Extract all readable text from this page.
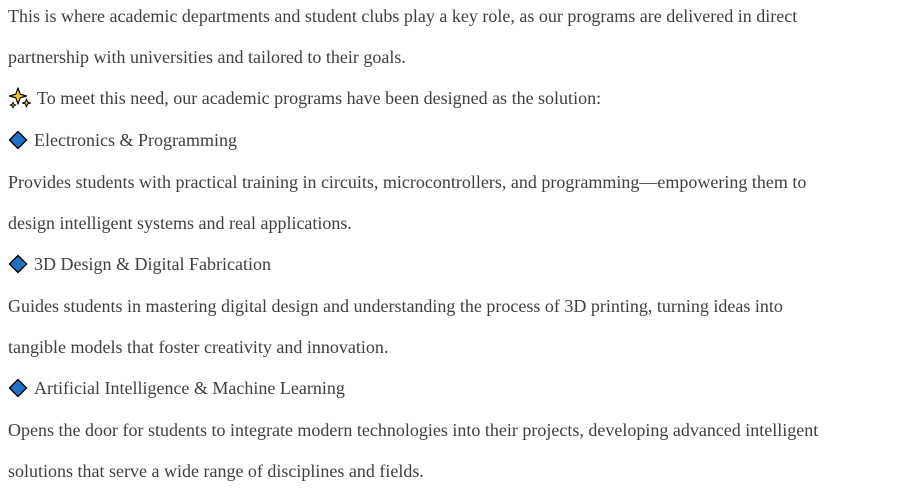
This is where academic departments and student clubs play a key role, as our programs are delivered in direct
partnership with universities and tailored to their goals.
To meet this need, our academic programs have been designed as the solution:
Electronics & Programming
Provides students with practical training in circuits, microcontrollers, and programming—empowering them to
design intelligent systems and real applications.
3D Design & Digital Fabrication
Guides students in mastering digital design and understanding the process of 3D printing, turning ideas into
tangible models that foster creativity and innovation.
Artificial Intelligence & Machine Learning
Opens the door for students to integrate modern technologies into their projects, developing advanced intelligent
solutions that serve a wide range of disciplines and fields.
